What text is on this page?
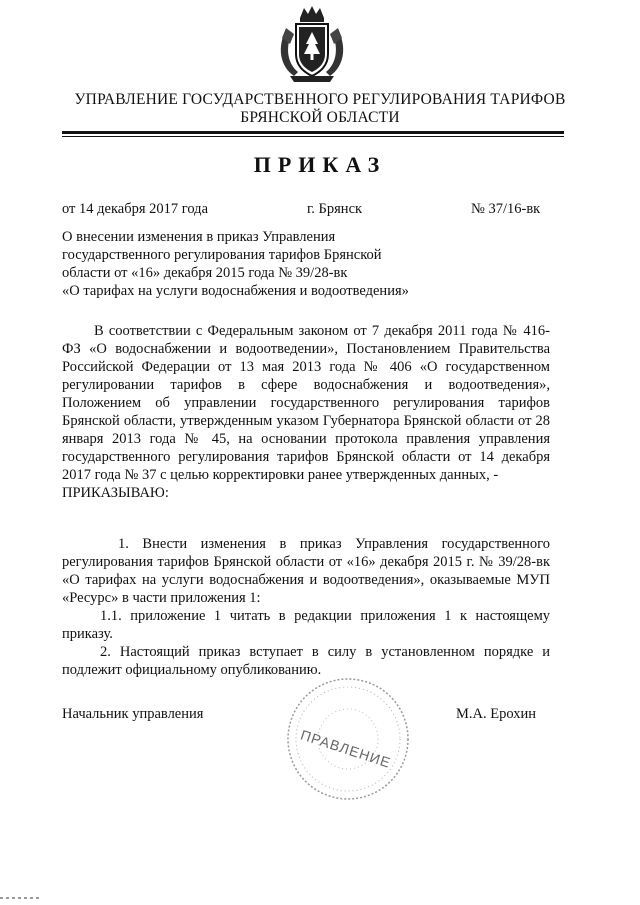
УПРАВЛЕНИЕ ГОСУДАРСТВЕННОГО РЕГУЛИРОВАНИЯ ТАРИФОВ
БРЯНСКОЙ ОБЛАСТИ
ПРИКАЗ
от 14 декабря 2017 года	г. Брянск	№ 37/16-вк
О внесении изменения в приказ Управления
государственного регулирования тарифов Брянской
области от «16» декабря 2015 года № 39/28-вк
«О тарифах на услуги водоснабжения и водоотведения»

В соответствии с Федеральным законом от 7 декабря 2011 года № 416-ФЗ «О водоснабжении и водоотведении», Постановлением Правительства Российской Федерации от 13 мая 2013 года № 406 «О государственном регулировании тарифов в сфере водоснабжения и водоотведения», Положением об управлении государственного регулирования тарифов Брянской области, утвержденным указом Губернатора Брянской области от 28 января 2013 года № 45, на основании протокола правления управления государственного регулирования тарифов Брянской области от 14 декабря 2017 года № 37 с целью корректировки ранее утвержденных данных, -

ПРИКАЗЫВАЮ:

1. Внести изменения в приказ Управления государственного регулирования тарифов Брянской области от «16» декабря 2015 г. № 39/28-вк «О тарифах на услуги водоснабжения и водоотведения», оказываемые МУП «Ресурс» в части приложения 1:

1.1. приложение 1 читать в редакции приложения 1 к настоящему приказу.

2. Настоящий приказ вступает в силу в установленном порядке и подлежит официальному опубликованию.

Начальник управления	М.А. Ерохин
ПРАВЛЕНИЕ
